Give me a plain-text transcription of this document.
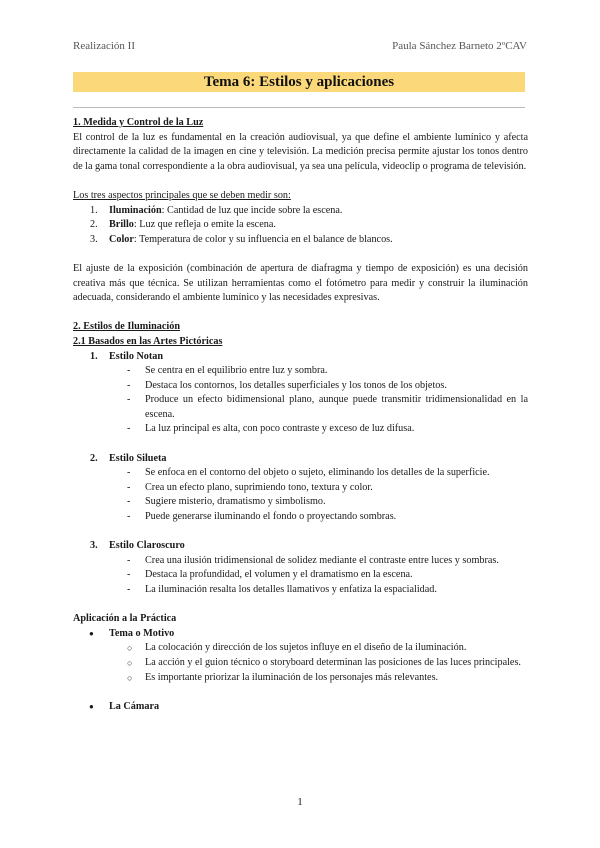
Realización II	Paula Sánchez Barneto 2ºCAV
Tema 6: Estilos y aplicaciones

1. Medida y Control de la Luz

El control de la luz es fundamental en la creación audiovisual, ya que define el ambiente lumínico y afecta directamente la calidad de la imagen en cine y televisión. La medición precisa permite ajustar los tonos dentro de la gama tonal correspondiente a la obra audiovisual, ya sea una película, videoclip o programa de televisión.

Los tres aspectos principales que se deben medir son:

1. Iluminación: Cantidad de luz que incide sobre la escena.
2. Brillo: Luz que refleja o emite la escena.
3. Color: Temperatura de color y su influencia en el balance de blancos.

El ajuste de la exposición (combinación de apertura de diafragma y tiempo de exposición) es una decisión creativa más que técnica. Se utilizan herramientas como el fotómetro para medir y construir la iluminación adecuada, considerando el ambiente lumínico y las necesidades expresivas.

2. Estilos de Iluminación

2.1 Basados en las Artes Pictóricas

1. Estilo Notan
- Se centra en el equilibrio entre luz y sombra.
- Destaca los contornos, los detalles superficiales y los tonos de los objetos.
- Produce un efecto bidimensional plano, aunque puede transmitir tridimensionalidad en la escena.
- La luz principal es alta, con poco contraste y exceso de luz difusa.
2. Estilo Silueta
- Se enfoca en el contorno del objeto o sujeto, eliminando los detalles de la superficie.
- Crea un efecto plano, suprimiendo tono, textura y color.
- Sugiere misterio, dramatismo y simbolismo.
- Puede generarse iluminando el fondo o proyectando sombras.
3. Estilo Claroscuro
- Crea una ilusión tridimensional de solidez mediante el contraste entre luces y sombras.
- Destaca la profundidad, el volumen y el dramatismo en la escena.
- La iluminación resalta los detalles llamativos y enfatiza la espacialidad.

Aplicación a la Práctica

● Tema o Motivo
○ La colocación y dirección de los sujetos influye en el diseño de la iluminación.
○ La acción y el guion técnico o storyboard determinan las posiciones de las luces principales.
○ Es importante priorizar la iluminación de los personajes más relevantes.
● La Cámara
1
